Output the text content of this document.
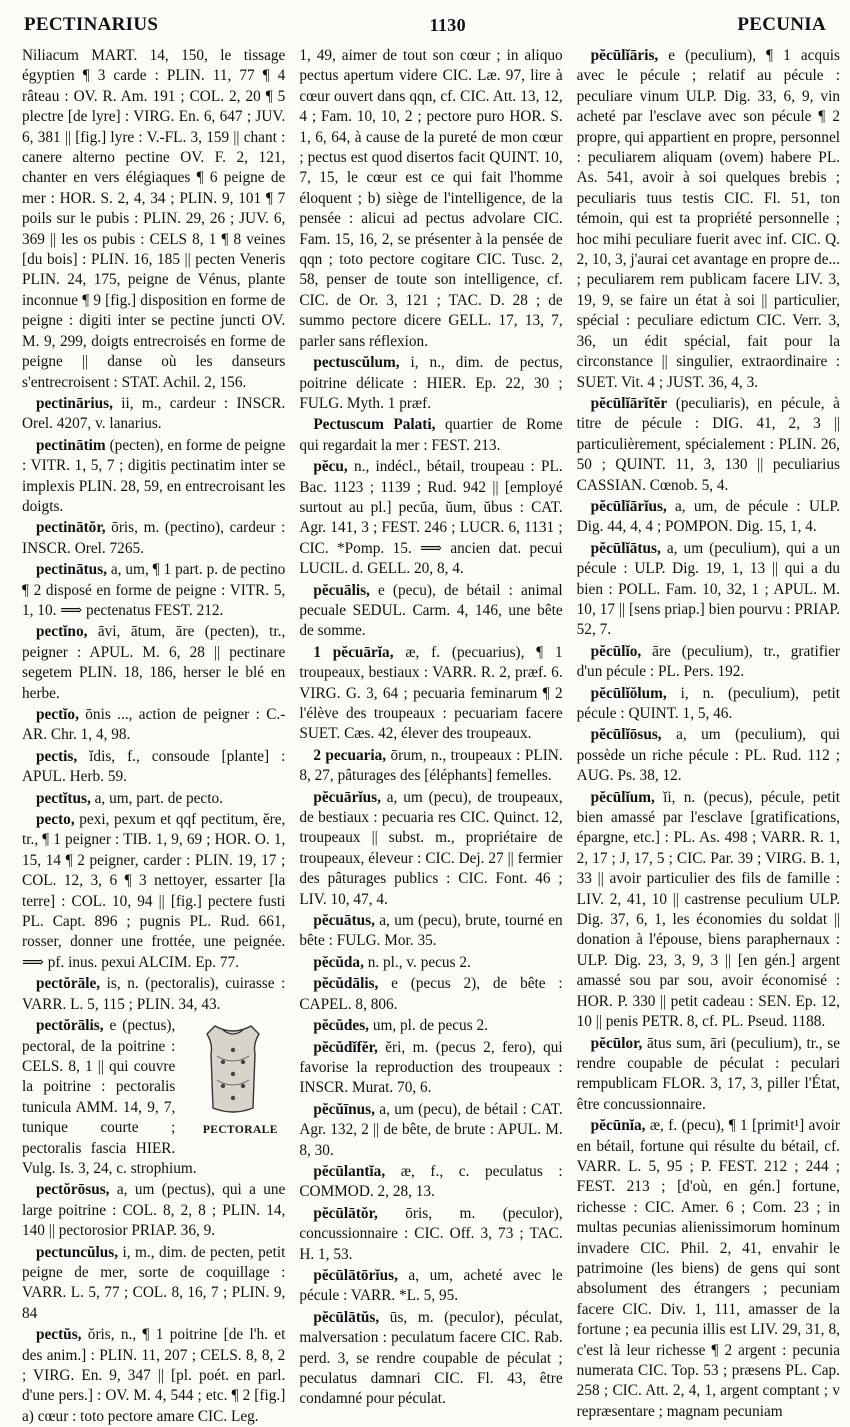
PECTINARIUS	1130	PECUNIA

Niliacum MART. 14, 150, le tissage égyptien ¶ 3 carde : PLIN. 11, 77 ¶ 4 râteau : OV. R. Am. 191 ; COL. 2, 20 ¶ 5 plectre [de lyre] : VIRG. En. 6, 647 ; JUV. 6, 381 || [fig.] lyre : V.-FL. 3, 159 || chant : canere alterno pectine OV. F. 2, 121, chanter en vers élégiaques ¶ 6 peigne de mer : HOR. S. 2, 4, 34 ; PLIN. 9, 101 ¶ 7 poils sur le pubis : PLIN. 29, 26 ; JUV. 6, 369 || les os pubis : CELS 8, 1 ¶ 8 veines [du bois] : PLIN. 16, 185 || pecten Veneris PLIN. 24, 175, peigne de Vénus, plante inconnue ¶ 9 [fig.] disposition en forme de peigne : digiti inter se pectine juncti OV. M. 9, 299, doigts entrecroisés en forme de peigne || danse où les danseurs s'entrecroisent : STAT. Achil. 2, 156.

pectinārius, ii, m., cardeur : INSCR. Orel. 4207, v. lanarius.

pectinātim (pecten), en forme de peigne : VITR. 1, 5, 7 ; digitis pectinatim inter se implexis PLIN. 28, 59, en entrecroisant les doigts.

pectinātŏr, ōris, m. (pectino), cardeur : INSCR. Orel. 7265.

pectinātus, a, um, ¶ 1 part. p. de pectino ¶ 2 disposé en forme de peigne : VITR. 5, 1, 10. ⟹ pectenatus FEST. 212.

pectĭno, āvi, ātum, āre (pecten), tr., peigner : APUL. M. 6, 28 || pectinare segetem PLIN. 18, 186, herser le blé en herbe.

pectĭo, ōnis ..., action de peigner : C.-AR. Chr. 1, 4, 98.

pectis, ĭdis, f., consoude [plante] : APUL. Herb. 59.

pectĭtus, a, um, part. de pecto.

pecto, pexi, pexum et qqf pectitum, ĕre, tr., ¶ 1 peigner : TIB. 1, 9, 69 ; HOR. O. 1, 15, 14 ¶ 2 peigner, carder : PLIN. 19, 17 ; COL. 12, 3, 6 ¶ 3 nettoyer, essarter [la terre] : COL. 10, 94 || [fig.] pectere fusti PL. Capt. 896 ; pugnis PL. Rud. 661, rosser, donner une frottée, une peignée. ⟹ pf. inus. pexui ALCIM. Ep. 77.

pectŏrāle, is, n. (pectoralis), cuirasse : VARR. L. 5, 115 ; PLIN. 34, 43.

PECTORALE
pectŏrālis, e (pectus), pectoral, de la poitrine : CELS. 8, 1 || qui couvre la poitrine : pectoralis tunicula AMM. 14, 9, 7, tunique courte ; pectoralis fascia HIER. Vulg. Is. 3, 24, c. strophium.

pectŏrōsus, a, um (pectus), qui a une large poitrine : COL. 8, 2, 8 ; PLIN. 14, 140 || pectorosior PRIAP. 36, 9.

pectuncŭlus, i, m., dim. de pecten, petit peigne de mer, sorte de coquillage : VARR. L. 5, 77 ; COL. 8, 16, 7 ; PLIN. 9, 84

pectŭs, ŏris, n., ¶ 1 poitrine [de l'h. et des anim.] : PLIN. 11, 207 ; CELS. 8, 8, 2 ; VIRG. En. 9, 347 || [pl. poét. en parl. d'une pers.] : OV. M. 4, 544 ; etc. ¶ 2 [fig.] a) cœur : toto pectore amare CIC. Leg.

1, 49, aimer de tout son cœur ; in aliquo pectus apertum videre CIC. Læ. 97, lire à cœur ouvert dans qqn, cf. CIC. Att. 13, 12, 4 ; Fam. 10, 10, 2 ; pectore puro HOR. S. 1, 6, 64, à cause de la pureté de mon cœur ; pectus est quod disertos facit QUINT. 10, 7, 15, le cœur est ce qui fait l'homme éloquent ; b) siège de l'intelligence, de la pensée : alicui ad pectus advolare CIC. Fam. 15, 16, 2, se présenter à la pensée de qqn ; toto pectore cogitare CIC. Tusc. 2, 58, penser de toute son intelligence, cf. CIC. de Or. 3, 121 ; TAC. D. 28 ; de summo pectore dicere GELL. 17, 13, 7, parler sans réflexion.

pectuscŭlum, i, n., dim. de pectus, poitrine délicate : HIER. Ep. 22, 30 ; FULG. Myth. 1 præf.

Pectuscum Palati, quartier de Rome qui regardait la mer : FEST. 213.

pĕcu, n., indécl., bétail, troupeau : PL. Bac. 1123 ; 1139 ; Rud. 942 || [employé surtout au pl.] pecŭa, ŭum, ŭbus : CAT. Agr. 141, 3 ; FEST. 246 ; LUCR. 6, 1131 ; CIC. *Pomp. 15. ⟹ ancien dat. pecui LUCIL. d. GELL. 20, 8, 4.

pĕcuālis, e (pecu), de bétail : animal pecuale SEDUL. Carm. 4, 146, une bête de somme.

1 pĕcuārĭa, æ, f. (pecuarius), ¶ 1 troupeaux, bestiaux : VARR. R. 2, præf. 6. VIRG. G. 3, 64 ; pecuaria feminarum ¶ 2 l'élève des troupeaux : pecuariam facere SUET. Cæs. 42, élever des troupeaux.

2 pecuaria, ōrum, n., troupeaux : PLIN. 8, 27, pâturages des [éléphants] femelles.

pĕcuārĭus, a, um (pecu), de troupeaux, de bestiaux : pecuaria res CIC. Quinct. 12, troupeaux || subst. m., propriétaire de troupeaux, éleveur : CIC. Dej. 27 || fermier des pâturages publics : CIC. Font. 46 ; LIV. 10, 47, 4.

pĕcuātus, a, um (pecu), brute, tourné en bête : FULG. Mor. 35.

pĕcŭda, n. pl., v. pecus 2.

pĕcŭdālis, e (pecus 2), de bête : CAPEL. 8, 806.

pĕcŭdes, um, pl. de pecus 2.

pĕcŭdĭfĕr, ĕri, m. (pecus 2, fero), qui favorise la reproduction des troupeaux : INSCR. Murat. 70, 6.

pĕcŭīnus, a, um (pecu), de bétail : CAT. Agr. 132, 2 || de bête, de brute : APUL. M. 8, 30.

pĕcūlantĭa, æ, f., c. peculatus : COMMOD. 2, 28, 13.

pĕcūlātŏr, ōris, m. (peculor), concussionnaire : CIC. Off. 3, 73 ; TAC. H. 1, 53.

pĕcūlātōrĭus, a, um, acheté avec le pécule : VARR. *L. 5, 95.

pĕcūlātŭs, ūs, m. (peculor), péculat, malversation : peculatum facere CIC. Rab. perd. 3, se rendre coupable de péculat ; peculatus damnari CIC. Fl. 43, être condamné pour péculat.

pĕcūlĭāris, e (peculium), ¶ 1 acquis avec le pécule ; relatif au pécule : peculiare vinum ULP. Dig. 33, 6, 9, vin acheté par l'esclave avec son pécule ¶ 2 propre, qui appartient en propre, personnel : peculiarem aliquam (ovem) habere PL. As. 541, avoir à soi quelques brebis ; peculiaris tuus testis CIC. Fl. 51, ton témoin, qui est ta propriété personnelle ; hoc mihi peculiare fuerit avec inf. CIC. Q. 2, 10, 3, j'aurai cet avantage en propre de... ; peculiarem rem publicam facere LIV. 3, 19, 9, se faire un état à soi || particulier, spécial : peculiare edictum CIC. Verr. 3, 36, un édit spécial, fait pour la circonstance || singulier, extraordinaire : SUET. Vit. 4 ; JUST. 36, 4, 3.

pĕcūlĭārĭtĕr (peculiaris), en pécule, à titre de pécule : DIG. 41, 2, 3 || particulièrement, spécialement : PLIN. 26, 50 ; QUINT. 11, 3, 130 || peculiarius CASSIAN. Cœnob. 5, 4.

pĕcūlĭārĭus, a, um, de pécule : ULP. Dig. 44, 4, 4 ; POMPON. Dig. 15, 1, 4.

pĕcūlĭātus, a, um (peculium), qui a un pécule : ULP. Dig. 19, 1, 13 || qui a du bien : POLL. Fam. 10, 32, 1 ; APUL. M. 10, 17 || [sens priap.] bien pourvu : PRIAP. 52, 7.

pĕcūlĭo, āre (peculium), tr., gratifier d'un pécule : PL. Pers. 192.

pĕcūlĭŏlum, i, n. (peculium), petit pécule : QUINT. 1, 5, 46.

pĕcūlĭōsus, a, um (peculium), qui possède un riche pécule : PL. Rud. 112 ; AUG. Ps. 38, 12.

pĕcūlĭum, ĭi, n. (pecus), pécule, petit bien amassé par l'esclave [gratifications, épargne, etc.] : PL. As. 498 ; VARR. R. 1, 2, 17 ; J, 17, 5 ; CIC. Par. 39 ; VIRG. B. 1, 33 || avoir particulier des fils de famille : LIV. 2, 41, 10 || castrense peculium ULP. Dig. 37, 6, 1, les économies du soldat || donation à l'épouse, biens paraphernaux : ULP. Dig. 23, 3, 9, 3 || [en gén.] argent amassé sou par sou, avoir économisé : HOR. P. 330 || petit cadeau : SEN. Ep. 12, 10 || penis PETR. 8, cf. PL. Pseud. 1188.

pĕcūlor, ātus sum, āri (peculium), tr., se rendre coupable de péculat : peculari rempublicam FLOR. 3, 17, 3, piller l'État, être concussionnaire.

pĕcūnĭa, æ, f. (pecu), ¶ 1 [primit¹] avoir en bétail, fortune qui résulte du bétail, cf. VARR. L. 5, 95 ; P. FEST. 212 ; 244 ; FEST. 213 ; [d'où, en gén.] fortune, richesse : CIC. Amer. 6 ; Com. 23 ; in multas pecunias alienissimorum hominum invadere CIC. Phil. 2, 41, envahir le patrimoine (les biens) de gens qui sont absolument des étrangers ; pecuniam facere CIC. Div. 1, 111, amasser de la fortune ; ea pecunia illis est LIV. 29, 31, 8, c'est là leur richesse ¶ 2 argent : pecunia numerata CIC. Top. 53 ; præsens PL. Cap. 258 ; CIC. Att. 2, 4, 1, argent comptant ; v repræsentare ; magnam pecuniam
